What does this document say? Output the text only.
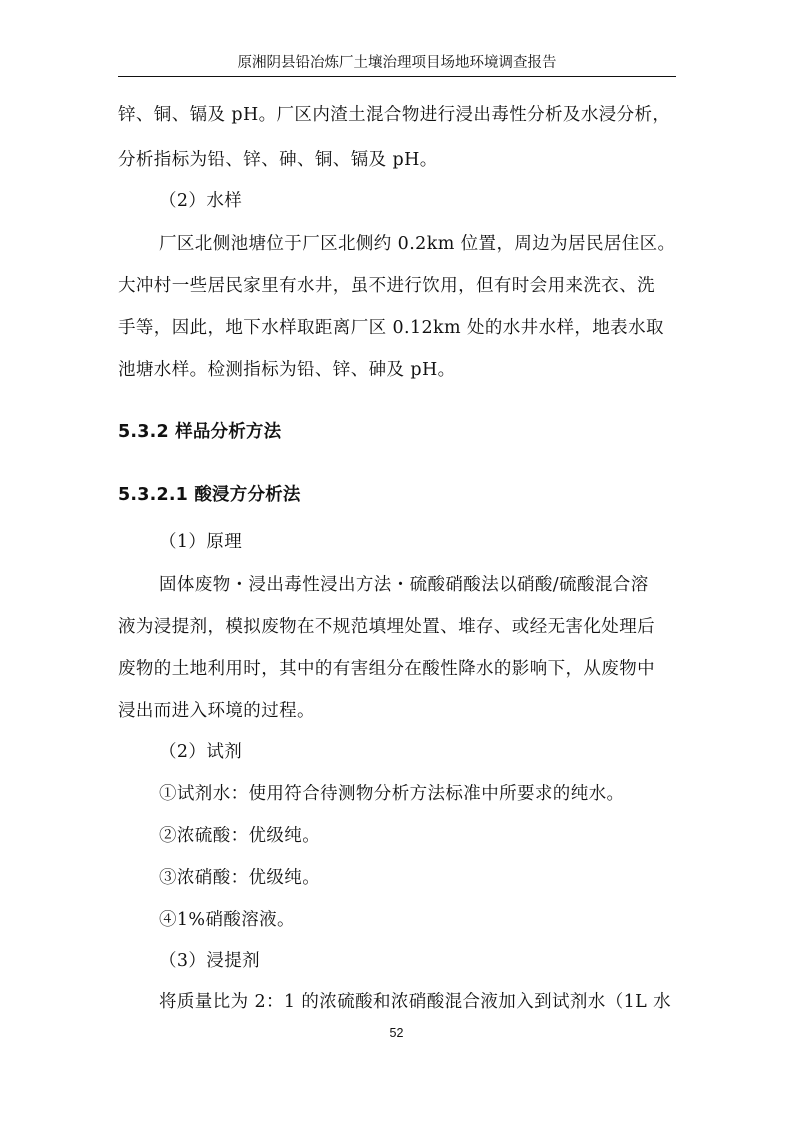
原湘阴县铅冶炼厂土壤治理项目场地环境调查报告

锌、铜、镉及 pH。厂区内渣土混合物进行浸出毒性分析及水浸分析，

分析指标为铅、锌、砷、铜、镉及 pH。

（2）水样

厂区北侧池塘位于厂区北侧约 0.2km 位置，周边为居民居住区。

大冲村一些居民家里有水井，虽不进行饮用，但有时会用来洗衣、洗

手等，因此，地下水样取距离厂区 0.12km 处的水井水样，地表水取

池塘水样。检测指标为铅、锌、砷及 pH。

5.3.2 样品分析方法
5.3.2.1 酸浸方分析法

（1）原理

固体废物・浸出毒性浸出方法・硫酸硝酸法以硝酸/硫酸混合溶

液为浸提剂，模拟废物在不规范填埋处置、堆存、或经无害化处理后

废物的土地利用时，其中的有害组分在酸性降水的影响下，从废物中

浸出而进入环境的过程。

（2）试剂

①试剂水：使用符合待测物分析方法标准中所要求的纯水。

②浓硫酸：优级纯。

③浓硝酸：优级纯。

④1%硝酸溶液。

（3）浸提剂

将质量比为 2：1 的浓硫酸和浓硝酸混合液加入到试剂水（1L 水

52
